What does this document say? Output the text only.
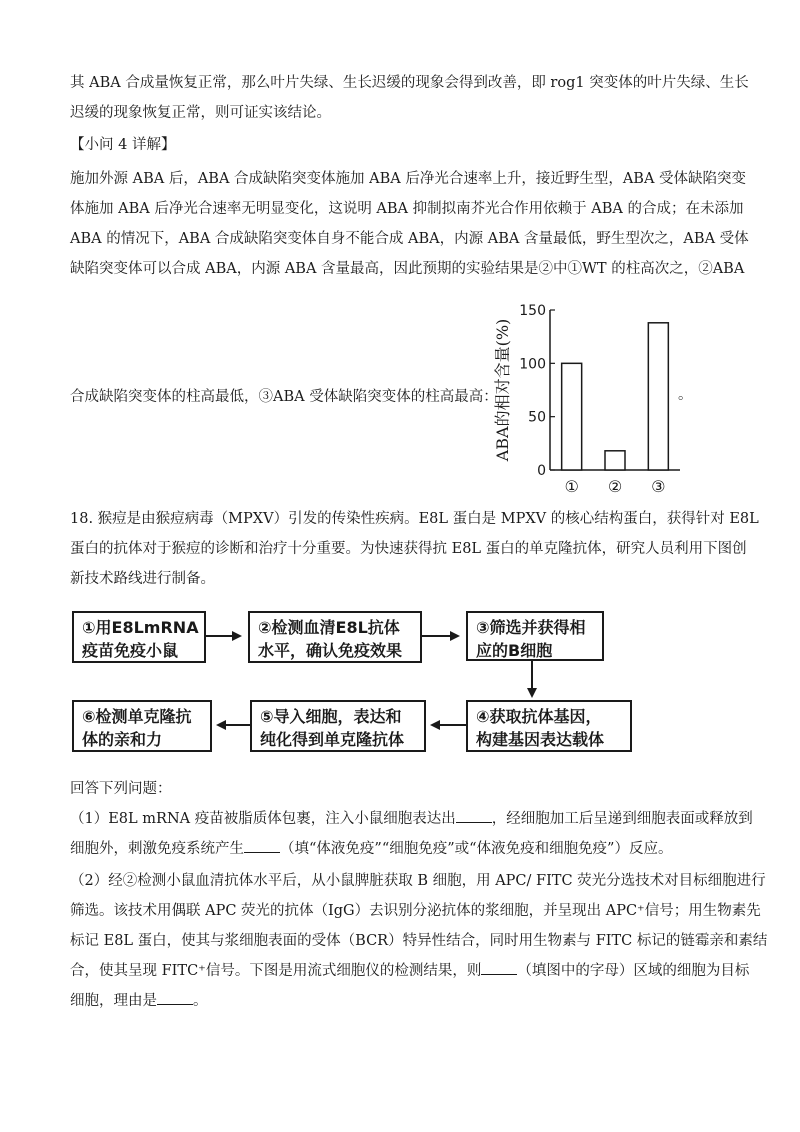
其 ABA 合成量恢复正常，那么叶片失绿、生长迟缓的现象会得到改善，即 rog1 突变体的叶片失绿、生长
迟缓的现象恢复正常，则可证实该结论。

【小问 4 详解】

施加外源 ABA 后，ABA 合成缺陷突变体施加 ABA 后净光合速率上升，接近野生型，ABA 受体缺陷突变
体施加 ABA 后净光合速率无明显变化，这说明 ABA 抑制拟南芥光合作用依赖于 ABA 的合成；在未添加
ABA 的情况下，ABA 合成缺陷突变体自身不能合成 ABA，内源 ABA 含量最低，野生型次之，ABA 受体
缺陷突变体可以合成 ABA，内源 ABA 含量最高，因此预期的实验结果是②中①WT 的柱高次之，②ABA

合成缺陷突变体的柱高最低，③ABA 受体缺陷突变体的柱高最高：	。
0
50
100
150
① ② ③
ABA的相对含量(%)

18. 猴痘是由猴痘病毒（MPXV）引发的传染性疾病。E8L 蛋白是 MPXV 的核心结构蛋白，获得针对 E8L
蛋白的抗体对于猴痘的诊断和治疗十分重要。为快速获得抗 E8L 蛋白的单克隆抗体，研究人员利用下图创
新技术路线进行制备。

①用E8LmRNA
疫苗免疫小鼠
②检测血清E8L抗体
水平，确认免疫效果
③筛选并获得相
应的B细胞
④获取抗体基因，
构建基因表达载体
⑤导入细胞，表达和
纯化得到单克隆抗体
⑥检测单克隆抗
体的亲和力
回答下列问题：

（1）E8L mRNA 疫苗被脂质体包裹，注入小鼠细胞表达出 ，经细胞加工后呈递到细胞表面或释放到
细胞外，刺激免疫系统产生 （填“体液免疫”“细胞免疫”或“体液免疫和细胞免疫”）反应。

（2）经②检测小鼠血清抗体水平后，从小鼠脾脏获取 B 细胞，用 APC/ FITC 荧光分选技术对目标细胞进行
筛选。该技术用偶联 APC 荧光的抗体（IgG）去识别分泌抗体的浆细胞，并呈现出 APC⁺信号；用生物素先
标记 E8L 蛋白，使其与浆细胞表面的受体（BCR）特异性结合，同时用生物素与 FITC 标记的链霉亲和素结
合，使其呈现 FITC⁺信号。下图是用流式细胞仪的检测结果，则 （填图中的字母）区域的细胞为目标
细胞，理由是 。
